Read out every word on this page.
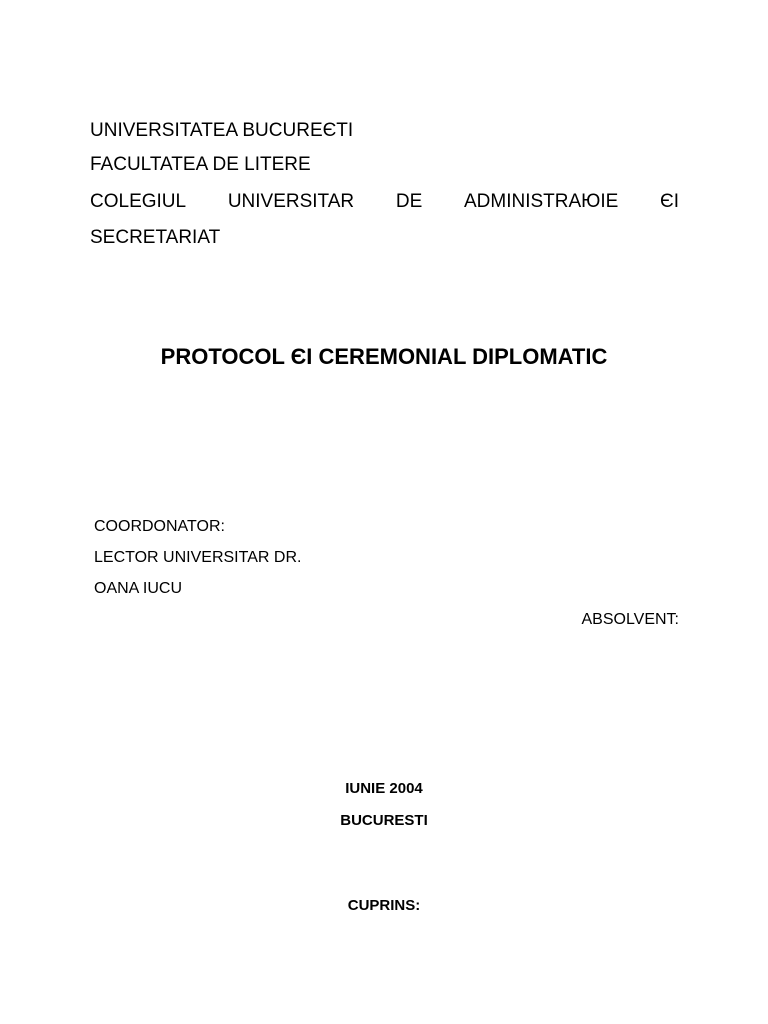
UNIVERSITATEA BUCUREЄTI
FACULTATEA DE LITERE
COLEGIUL UNIVERSITAR DE ADMINISTRAЮIE ЄI
SECRETARIAT
PROTOCOL ЄI CEREMONIAL DIPLOMATIC
COORDONATOR:
LECTOR UNIVERSITAR DR.
OANA IUCU
ABSOLVENT:
IUNIE 2004
BUCURESTI
CUPRINS:
